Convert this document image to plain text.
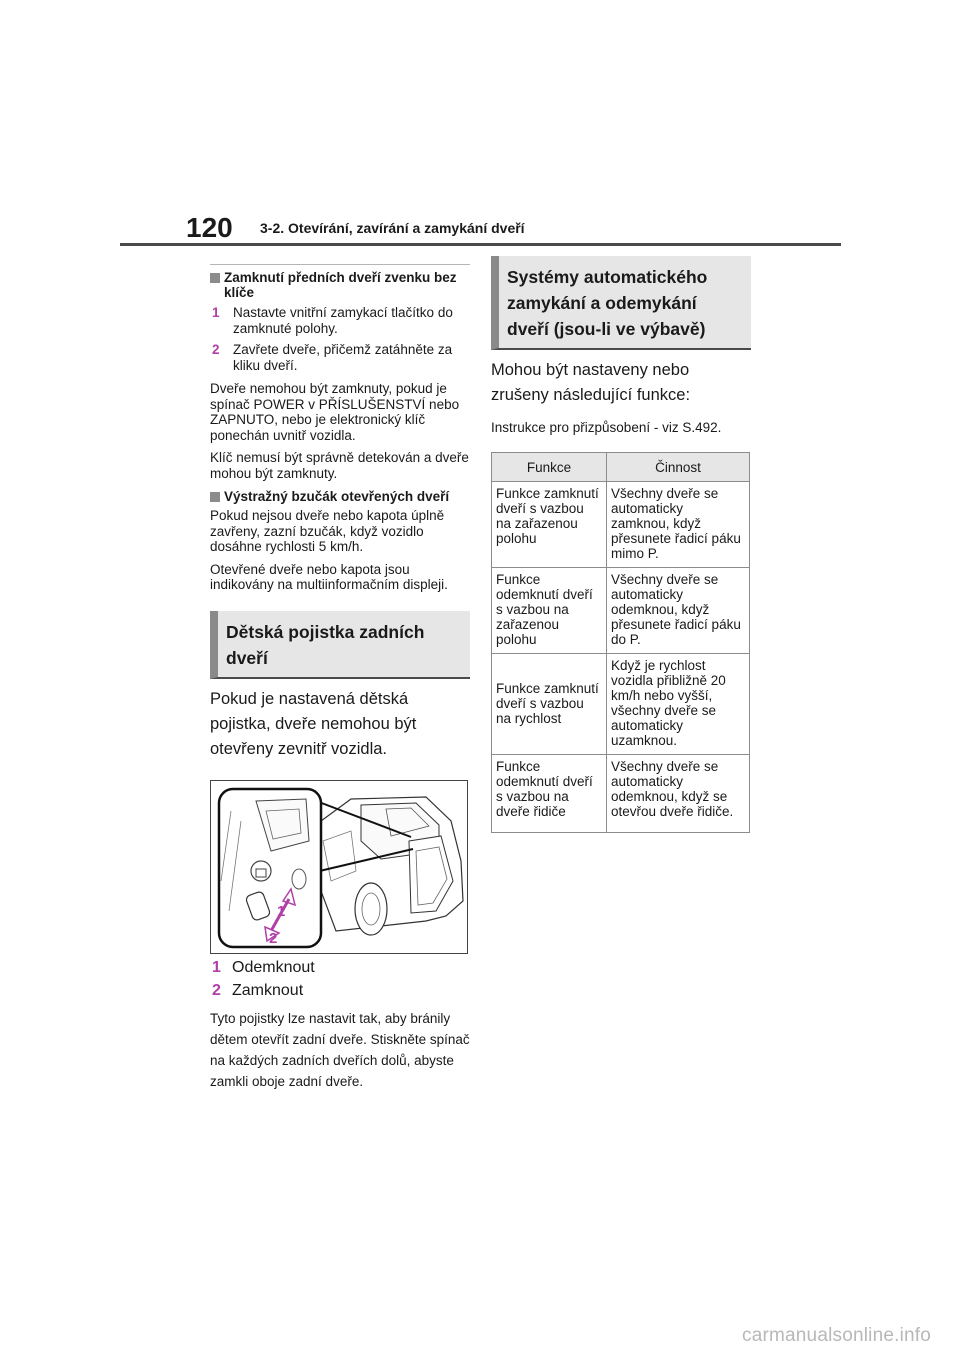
120 3-2. Otevírání, zavírání a zamykání dveří
Zamknutí předních dveří zvenku bez klíče
1 Nastavte vnitřní zamykací tlačítko do zamknuté polohy.
2 Zavřete dveře, přičemž zatáhněte za kliku dveří.
Dveře nemohou být zamknuty, pokud je spínač POWER v PŘÍSLUŠENSTVÍ nebo ZAPNUTO, nebo je elektronický klíč ponechán uvnitř vozidla.
Klíč nemusí být správně detekován a dveře mohou být zamknuty.
Výstražný bzučák otevřených dveří
Pokud nejsou dveře nebo kapota úplně zavřeny, zazní bzučák, když vozidlo dosáhne rychlosti 5 km/h.
Otevřené dveře nebo kapota jsou indikovány na multiinformačním displeji.
Dětská pojistka zadních dveří
Pokud je nastavená dětská pojistka, dveře nemohou být otevřeny zevnitř vozidla.
1
2
1 Odemknout
2 Zamknout
Tyto pojistky lze nastavit tak, aby bránily dětem otevřít zadní dveře. Stiskněte spínač na každých zadních dveřích dolů, abyste zamkli oboje zadní dveře.
Systémy automatického zamykání a odemykání dveří (jsou-li ve výbavě)
Mohou být nastaveny nebo zrušeny následující funkce:
Instrukce pro přizpůsobení - viz S.492.
Funkce	Činnost
Funkce zamknutí dveří s vazbou na zařazenou polohu	Všechny dveře se automaticky zamknou, když přesunete řadicí páku mimo P.
Funkce odemknutí dveří s vazbou na zařazenou polohu	Všechny dveře se automaticky odemknou, když přesunete řadicí páku do P.
Funkce zamknutí dveří s vazbou na rychlost	Když je rychlost vozidla přibližně 20 km/h nebo vyšší, všechny dveře se automaticky uzamknou.
Funkce odemknutí dveří s vazbou na dveře řidiče	Všechny dveře se automaticky odemknou, když se otevřou dveře řidiče.
carmanualsonline.info
